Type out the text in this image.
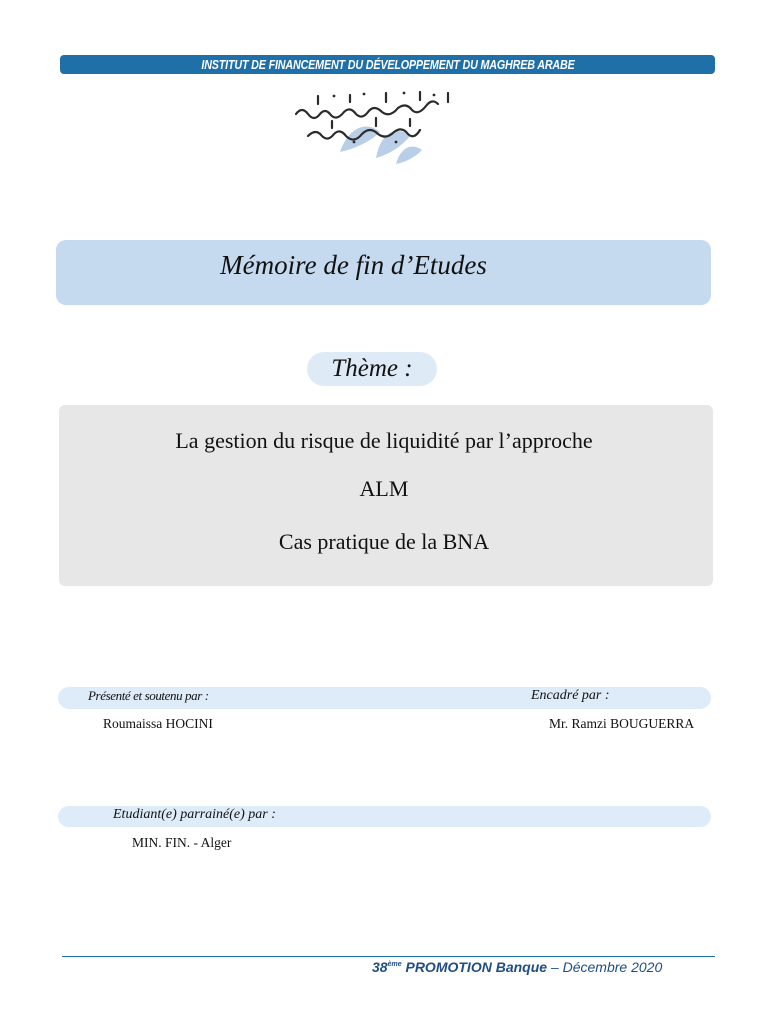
INSTITUT DE FINANCEMENT DU DÉVELOPPEMENT DU MAGHREB ARABE
Mémoire de fin d’Etudes
Thème :
La gestion du risque de liquidité par l’approche
ALM
Cas pratique de la BNA
Présenté et soutenu par :	Encadré par :
Roumaissa HOCINI	Mr. Ramzi BOUGUERRA
Etudiant(e) parrainé(e) par :
MIN. FIN. - Alger
38ème PROMOTION Banque – Décembre 2020
